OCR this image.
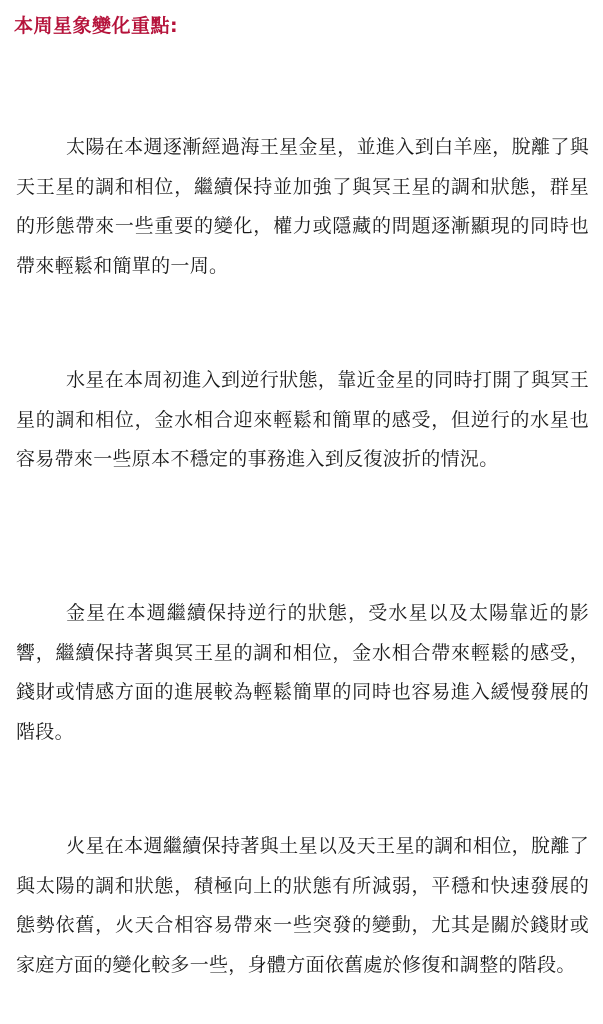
本周星象變化重點:

太陽在本週逐漸經過海王星金星，並進入到白羊座，脫離了與天王星的調和相位，繼續保持並加強了與冥王星的調和狀態，群星的形態帶來一些重要的變化，權力或隱藏的問題逐漸顯現的同時也帶來輕鬆和簡單的一周。

水星在本周初進入到逆行狀態，靠近金星的同時打開了與冥王星的調和相位，金水相合迎來輕鬆和簡單的感受，但逆行的水星也容易帶來一些原本不穩定的事務進入到反復波折的情況。

金星在本週繼續保持逆行的狀態，受水星以及太陽靠近的影響，繼續保持著與冥王星的調和相位，金水相合帶來輕鬆的感受，錢財或情感方面的進展較為輕鬆簡單的同時也容易進入緩慢發展的階段。

火星在本週繼續保持著與土星以及天王星的調和相位，脫離了與太陽的調和狀態，積極向上的狀態有所減弱，平穩和快速發展的態勢依舊，火天合相容易帶來一些突發的變動，尤其是關於錢財或家庭方面的變化較多一些，身體方面依舊處於修復和調整的階段。
